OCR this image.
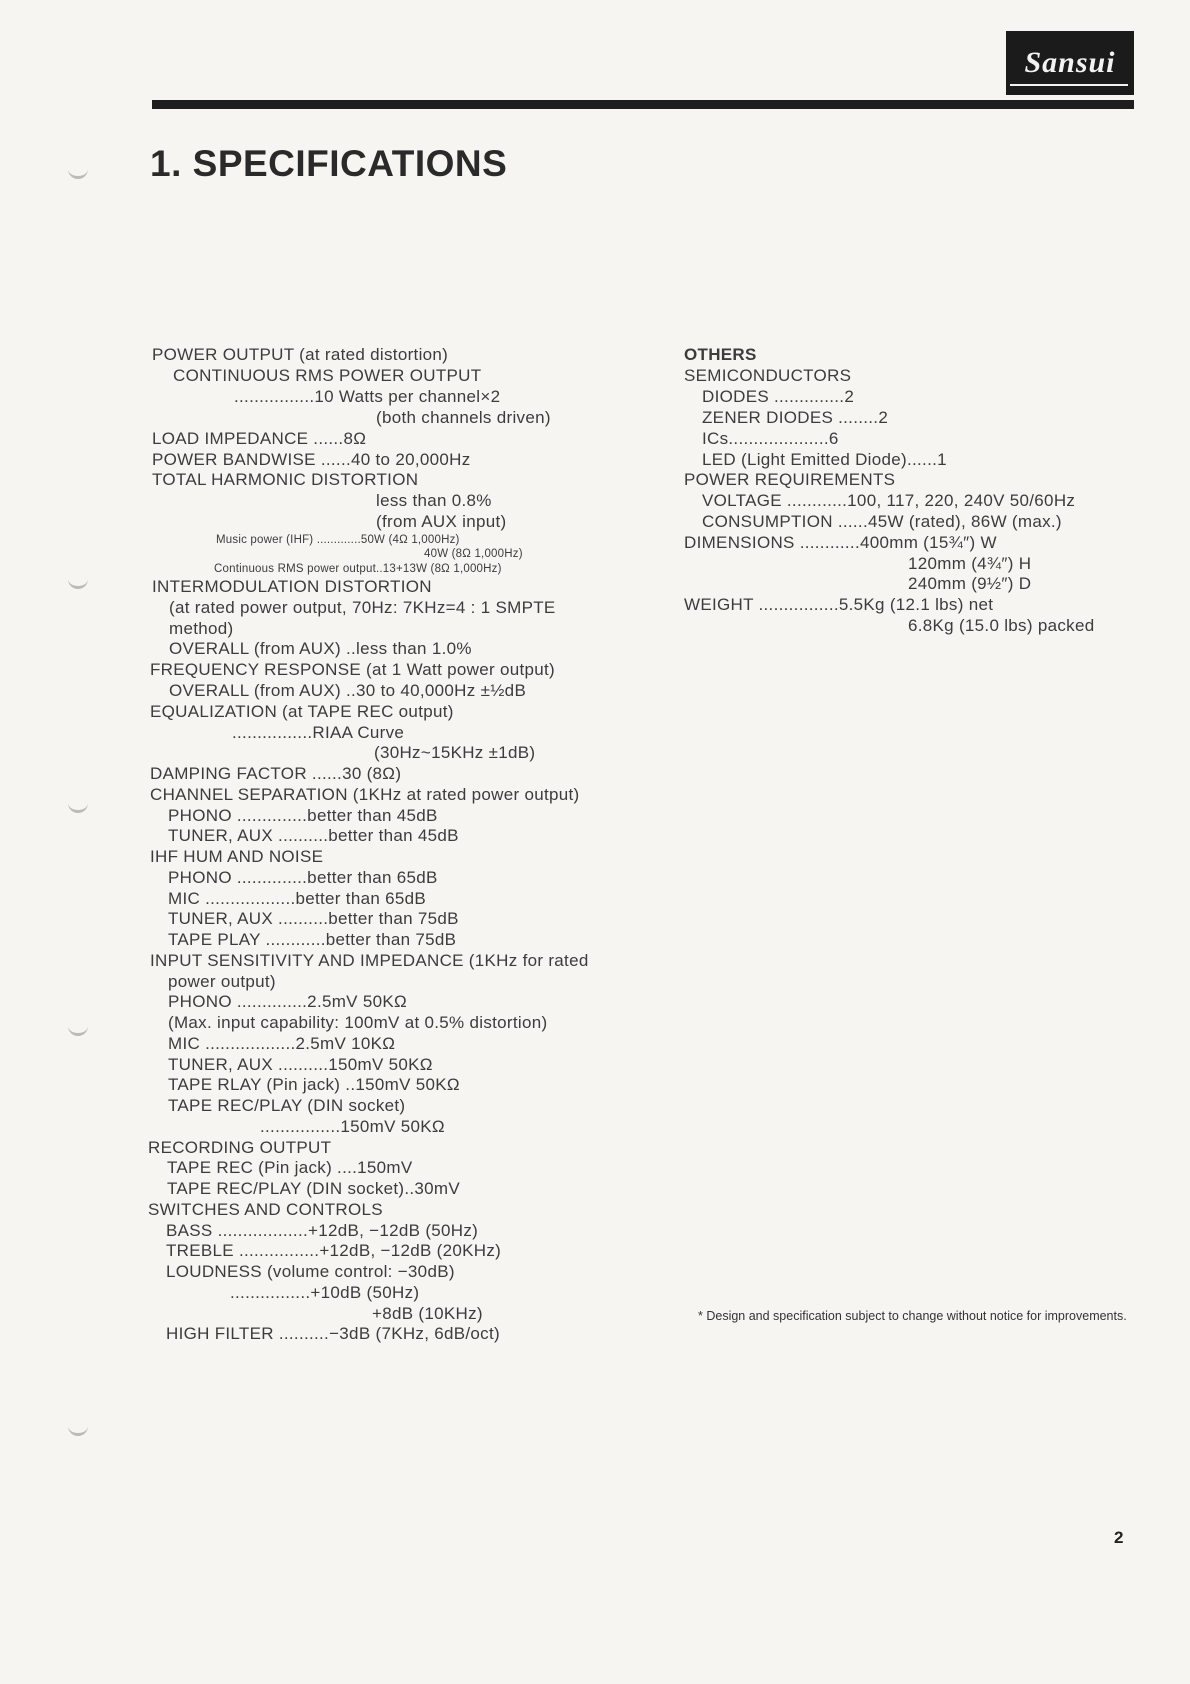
Sansui
1. SPECIFICATIONS
POWER OUTPUT (at rated distortion)
CONTINUOUS RMS POWER OUTPUT
................10 Watts per channel×2
(both channels driven)
LOAD IMPEDANCE ......8Ω
POWER BANDWISE ......40 to 20,000Hz
TOTAL HARMONIC DISTORTION
less than 0.8%
(from AUX input)
Music power (IHF) .............50W (4Ω 1,000Hz)
40W (8Ω 1,000Hz)
Continuous RMS power output..13+13W (8Ω 1,000Hz)
INTERMODULATION DISTORTION
(at rated power output, 70Hz: 7KHz=4 : 1 SMPTE
method)
OVERALL (from AUX) ..less than 1.0%
FREQUENCY RESPONSE (at 1 Watt power output)
OVERALL (from AUX) ..30 to 40,000Hz ±½dB
EQUALIZATION (at TAPE REC output)
................RIAA Curve
(30Hz~15KHz ±1dB)
DAMPING FACTOR ......30 (8Ω)
CHANNEL SEPARATION (1KHz at rated power output)
PHONO ..............better than 45dB
TUNER, AUX ..........better than 45dB
IHF HUM AND NOISE
PHONO ..............better than 65dB
MIC ..................better than 65dB
TUNER, AUX ..........better than 75dB
TAPE PLAY ............better than 75dB
INPUT SENSITIVITY AND IMPEDANCE (1KHz for rated
power output)
PHONO ..............2.5mV 50KΩ
(Max. input capability: 100mV at 0.5% distortion)
MIC ..................2.5mV 10KΩ
TUNER, AUX ..........150mV 50KΩ
TAPE RLAY (Pin jack) ..150mV 50KΩ
TAPE REC/PLAY (DIN socket)
................150mV 50KΩ
RECORDING OUTPUT
TAPE REC (Pin jack) ....150mV
TAPE REC/PLAY (DIN socket)..30mV
SWITCHES AND CONTROLS
BASS ..................+12dB, −12dB (50Hz)
TREBLE ................+12dB, −12dB (20KHz)
LOUDNESS (volume control: −30dB)
................+10dB (50Hz)
+8dB (10KHz)
HIGH FILTER ..........−3dB (7KHz, 6dB/oct)
OTHERS
SEMICONDUCTORS
DIODES ..............2
ZENER DIODES ........2
ICs....................6
LED (Light Emitted Diode)......1
POWER REQUIREMENTS
VOLTAGE ............100, 117, 220, 240V 50/60Hz
CONSUMPTION ......45W (rated), 86W (max.)
DIMENSIONS ............400mm (15¾″) W
120mm (4¾″) H
240mm (9½″) D
WEIGHT ................5.5Kg (12.1 lbs) net
6.8Kg (15.0 lbs) packed

* Design and specification subject to change without notice for improvements.

2
